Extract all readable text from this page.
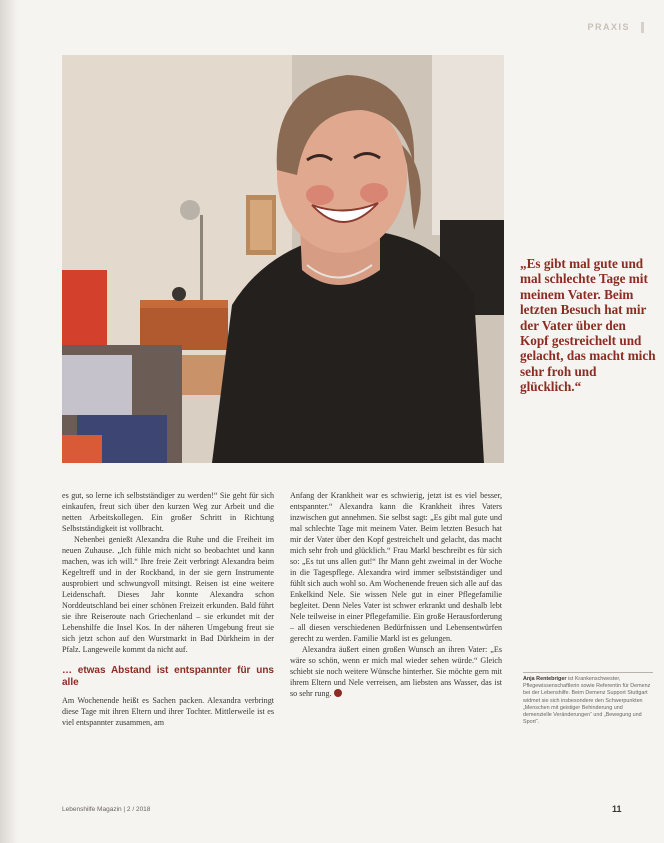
PRAXIS
„Es gibt mal gute und mal schlechte Tage mit meinem Vater. Beim letzten Besuch hat mir der Vater über den Kopf gestreichelt und gelacht, das macht mich sehr froh und glücklich.“

es gut, so lerne ich selbstständiger zu werden!“ Sie geht für sich einkaufen, freut sich über den kurzen Weg zur Arbeit und die netten Arbeitskollegen. Ein großer Schritt in Richtung Selbstständigkeit ist vollbracht.

Nebenbei genießt Alexandra die Ruhe und die Freiheit im neuen Zuhause. „Ich fühle mich nicht so beobachtet und kann machen, was ich will.“ Ihre freie Zeit verbringt Alexandra beim Kegeltreff und in der Rockband, in der sie gern Instrumente ausprobiert und schwungvoll mitsingt. Reisen ist eine weitere Leidenschaft. Dieses Jahr konnte Alexandra schon Norddeutschland bei einer schönen Freizeit erkunden. Bald führt sie ihre Reiseroute nach Griechenland – sie erkundet mit der Lebenshilfe die Insel Kos. In der näheren Umgebung freut sie sich jetzt schon auf den Wurstmarkt in Bad Dürkheim in der Pfalz. Langeweile kommt da nicht auf.

… etwas Abstand ist entspannter für uns alle

Am Wochenende heißt es Sachen packen. Alexandra verbringt diese Tage mit ihren Eltern und ihrer Tochter. Mittlerweile ist es viel entspannter zusammen, am

Anfang der Krankheit war es schwierig, jetzt ist es viel besser, entspannter.“ Alexandra kann die Krankheit ihres Vaters inzwischen gut annehmen. Sie selbst sagt: „Es gibt mal gute und mal schlechte Tage mit meinem Vater. Beim letzten Besuch hat mir der Vater über den Kopf gestreichelt und gelacht, das macht mich sehr froh und glücklich.“ Frau Markl beschreibt es für sich so: „Es tut uns allen gut!“ Ihr Mann geht zweimal in der Woche in die Tagespflege. Alexandra wird immer selbstständiger und fühlt sich auch wohl so. Am Wochenende freuen sich alle auf das Enkelkind Nele. Sie wissen Nele gut in einer Pflegefamilie begleitet. Denn Neles Vater ist schwer erkrankt und deshalb lebt Nele teilweise in einer Pflegefamilie. Ein große Herausforderung – all diesen verschiedenen Bedürfnissen und Lebensentwürfen gerecht zu werden. Familie Markl ist es gelungen.

Alexandra äußert einen großen Wunsch an ihren Vater: „Es wäre so schön, wenn er mich mal wieder sehen würde.“ Gleich schiebt sie noch weitere Wünsche hinterher. Sie möchte gern mit ihrem Eltern und Nele verreisen, am liebsten ans Wasser, das ist so sehr rung.

Anja Rentebriger ist Krankenschwester, Pflegewissenschaftlerin sowie Referentin für Demenz bei der Lebenshilfe. Beim Demenz Support Stuttgart widmet sie sich insbesondere den Schwerpunkten „Menschen mit geistiger Behinderung und demenzielle Veränderungen“ und „Bewegung und Sport“.
Lebenshilfe Magazin | 2 / 2018	11
